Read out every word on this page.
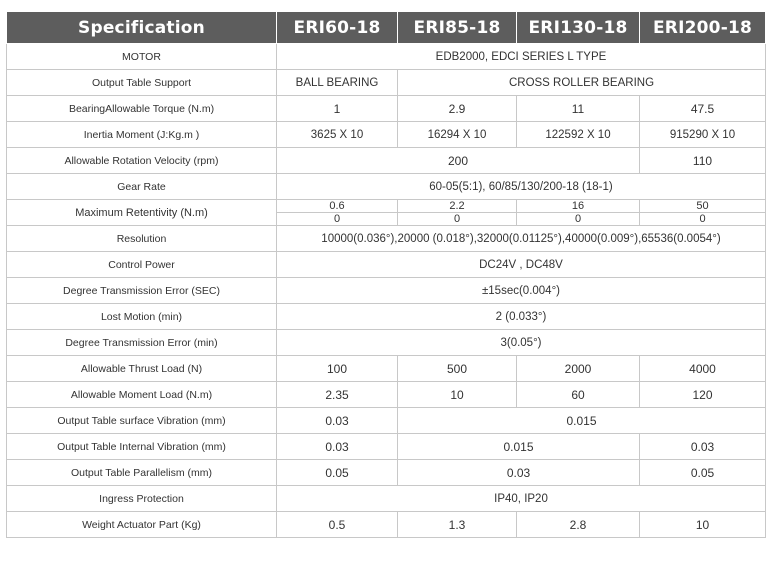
Specification	ERI60-18	ERI85-18	ERI130-18	ERI200-18
MOTOR	EDB2000, EDCI SERIES L TYPE			
Output Table Support	BALL BEARING	CROSS ROLLER BEARING		
BearingAllowable Torque (N.m)	1	2.9	11	47.5
Inertia Moment (J:Kg.m )	3625 X 10	16294 X 10	122592 X 10	915290 X 10
Allowable Rotation Velocity (rpm)	200			110
Gear Rate	60-05(5:1), 60/85/130/200-18 (18-1)			
Maximum Retentivity (N.m)	0.6	2.2	16	50
	0	0	0	0
Resolution	10000(0.036°),20000 (0.018°),32000(0.01125°),40000(0.009°),65536(0.0054°)			
Control Power	DC24V , DC48V			
Degree Transmission Error (SEC)	±15sec(0.004°)			
Lost Motion (min)	2 (0.033°)			
Degree Transmission Error (min)	3(0.05°)			
Allowable Thrust Load (N)	100	500	2000	4000
Allowable Moment Load (N.m)	2.35	10	60	120
Output Table surface Vibration (mm)	0.03	0.015		
Output Table Internal Vibration (mm)	0.03	0.015		0.03
Output Table Parallelism (mm)	0.05	0.03		0.05
Ingress Protection	IP40, IP20			
Weight Actuator Part (Kg)	0.5	1.3	2.8	10
